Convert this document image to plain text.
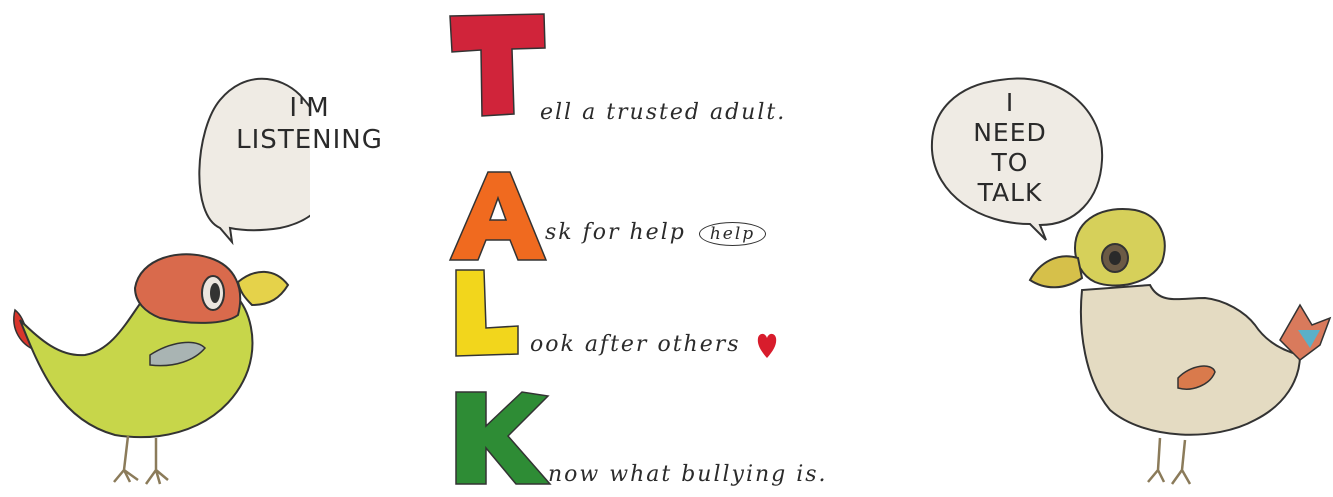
I'M
LISTENING
I
NEED
TO
TALK
ell a trusted adult.
sk for help help
ook after others
now what bullying is.
